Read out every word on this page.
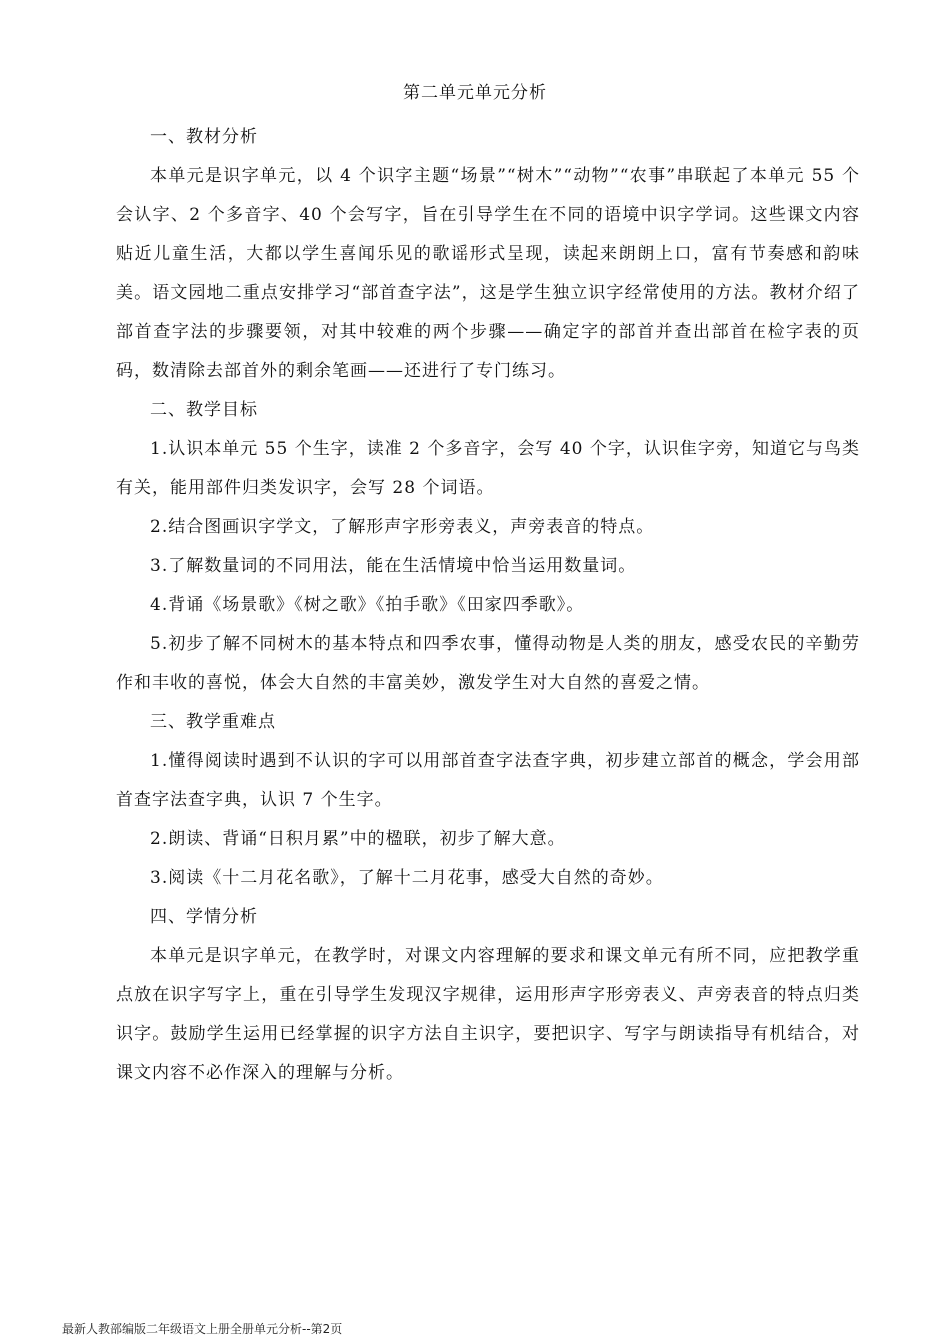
第二单元单元分析

一、教材分析

本单元是识字单元，以 4 个识字主题“场景”“树木”“动物”“农事”串联起了本单元 55 个会认字、2 个多音字、40 个会写字，旨在引导学生在不同的语境中识字学词。这些课文内容贴近儿童生活，大都以学生喜闻乐见的歌谣形式呈现，读起来朗朗上口，富有节奏感和韵味美。语文园地二重点安排学习“部首查字法”，这是学生独立识字经常使用的方法。教材介绍了部首查字法的步骤要领，对其中较难的两个步骤——确定字的部首并查出部首在检字表的页码，数清除去部首外的剩余笔画——还进行了专门练习。

二、教学目标

1.认识本单元 55 个生字，读准 2 个多音字，会写 40 个字，认识隹字旁，知道它与鸟类有关，能用部件归类发识字，会写 28 个词语。

2.结合图画识字学文，了解形声字形旁表义，声旁表音的特点。

3.了解数量词的不同用法，能在生活情境中恰当运用数量词。

4.背诵《场景歌》《树之歌》《拍手歌》《田家四季歌》。

5.初步了解不同树木的基本特点和四季农事，懂得动物是人类的朋友，感受农民的辛勤劳作和丰收的喜悦，体会大自然的丰富美妙，激发学生对大自然的喜爱之情。

三、教学重难点

1.懂得阅读时遇到不认识的字可以用部首查字法查字典，初步建立部首的概念，学会用部首查字法查字典，认识 7 个生字。

2.朗读、背诵“日积月累”中的楹联，初步了解大意。

3.阅读《十二月花名歌》，了解十二月花事，感受大自然的奇妙。

四、学情分析

本单元是识字单元，在教学时，对课文内容理解的要求和课文单元有所不同，应把教学重点放在识字写字上，重在引导学生发现汉字规律，运用形声字形旁表义、声旁表音的特点归类识字。鼓励学生运用已经掌握的识字方法自主识字，要把识字、写字与朗读指导有机结合，对课文内容不必作深入的理解与分析。

最新人教部编版二年级语文上册全册单元分析--第2页
